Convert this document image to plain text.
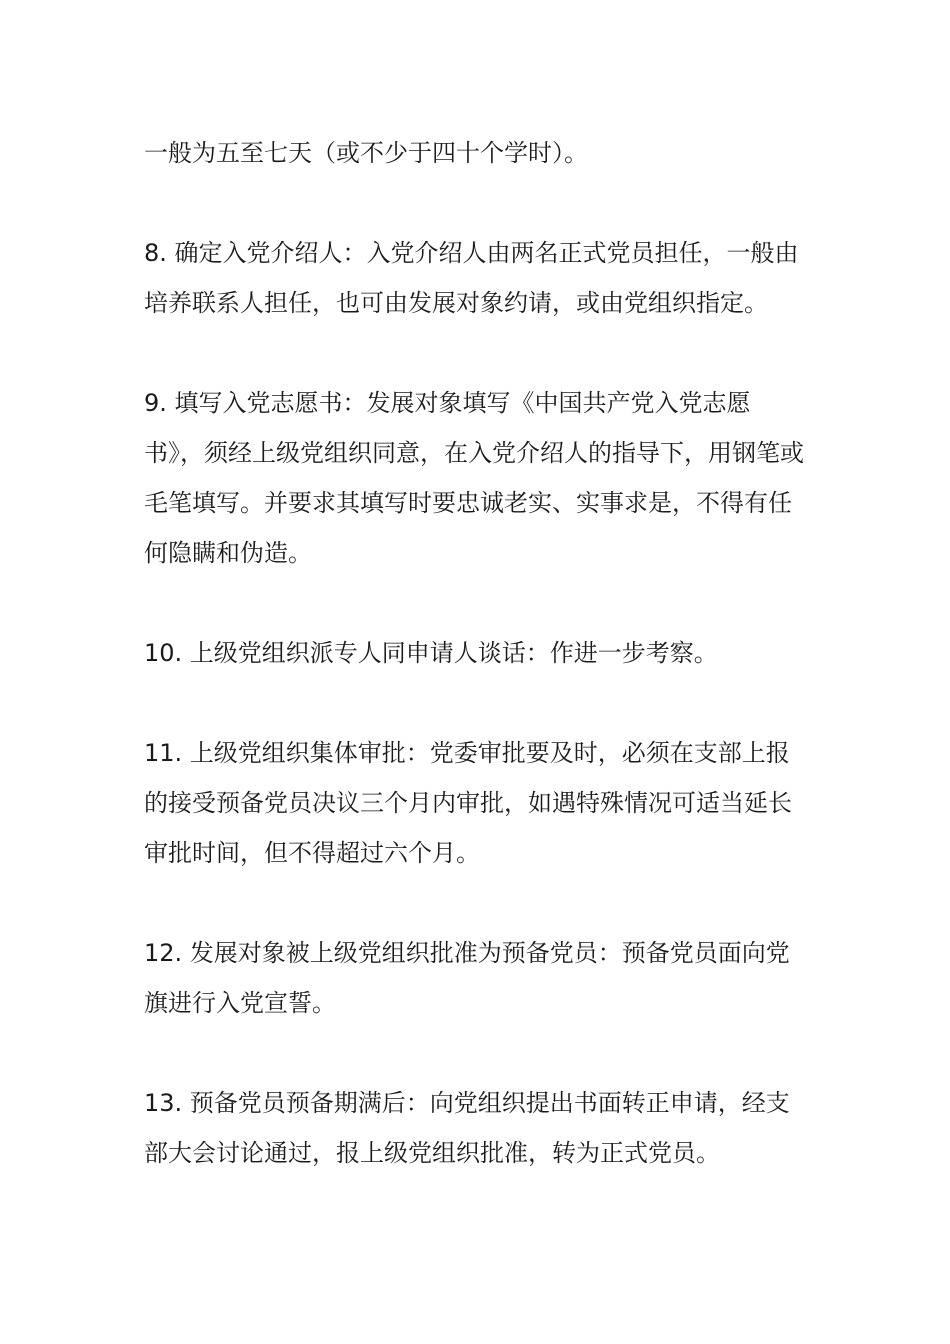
一般为五至七天（或不少于四十个学时）。

8. 确定入党介绍人：入党介绍人由两名正式党员担任，一般由培养联系人担任，也可由发展对象约请，或由党组织指定。

9. 填写入党志愿书：发展对象填写《中国共产党入党志愿书》，须经上级党组织同意，在入党介绍人的指导下，用钢笔或毛笔填写。并要求其填写时要忠诚老实、实事求是，不得有任何隐瞒和伪造。

10. 上级党组织派专人同申请人谈话：作进一步考察。

11. 上级党组织集体审批：党委审批要及时，必须在支部上报的接受预备党员决议三个月内审批，如遇特殊情况可适当延长审批时间，但不得超过六个月。

12. 发展对象被上级党组织批准为预备党员：预备党员面向党旗进行入党宣誓。

13. 预备党员预备期满后：向党组织提出书面转正申请，经支部大会讨论通过，报上级党组织批准，转为正式党员。
